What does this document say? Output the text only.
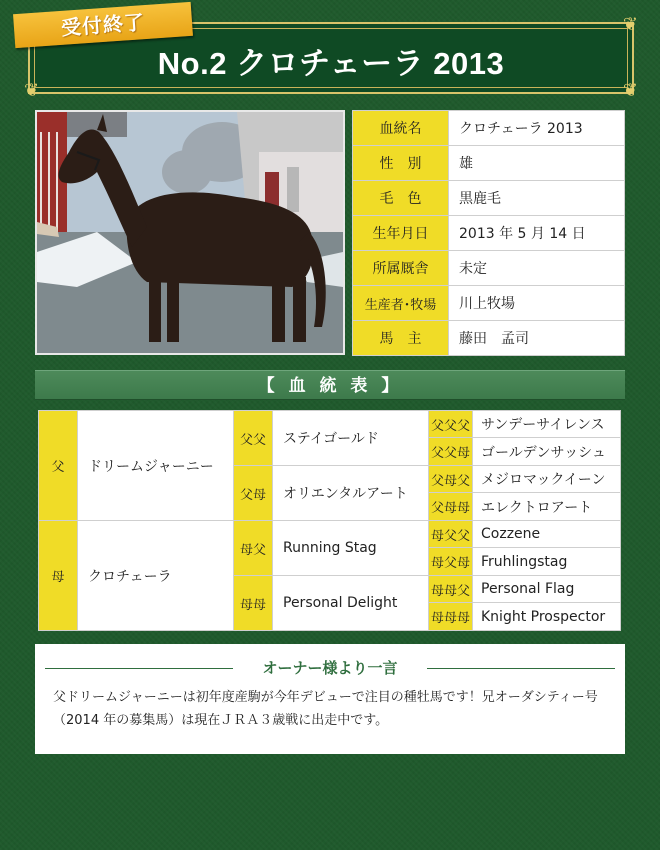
❦
❦	❦
No.2 クロチェーラ 2013
受付終了
血統名	クロチェーラ 2013
性　別	雄
毛　色	黒鹿毛
生年月日	2013 年 5 月 14 日
所属厩舎	未定
生産者･牧場	川上牧場
馬　主	藤田　孟司
【 血 統 表 】
父	ドリームジャーニー	父父	ステイゴールド	父父父	サンデーサイレンス
				父父母	ゴールデンサッシュ
		父母	オリエンタルアート	父母父	メジロマックイーン
				父母母	エレクトロアート
母	クロチェーラ	母父	Running Stag	母父父	Cozzene
				母父母	Fruhlingstag
		母母	Personal Delight	母母父	Personal Flag
				母母母	Knight Prospector
オーナー様より一言
父ドリームジャーニーは初年度産駒が今年デビューで注目の種牡馬です！兄オーダシティー号（2014 年の募集馬）は現在ＪＲＡ３歳戦に出走中です。
